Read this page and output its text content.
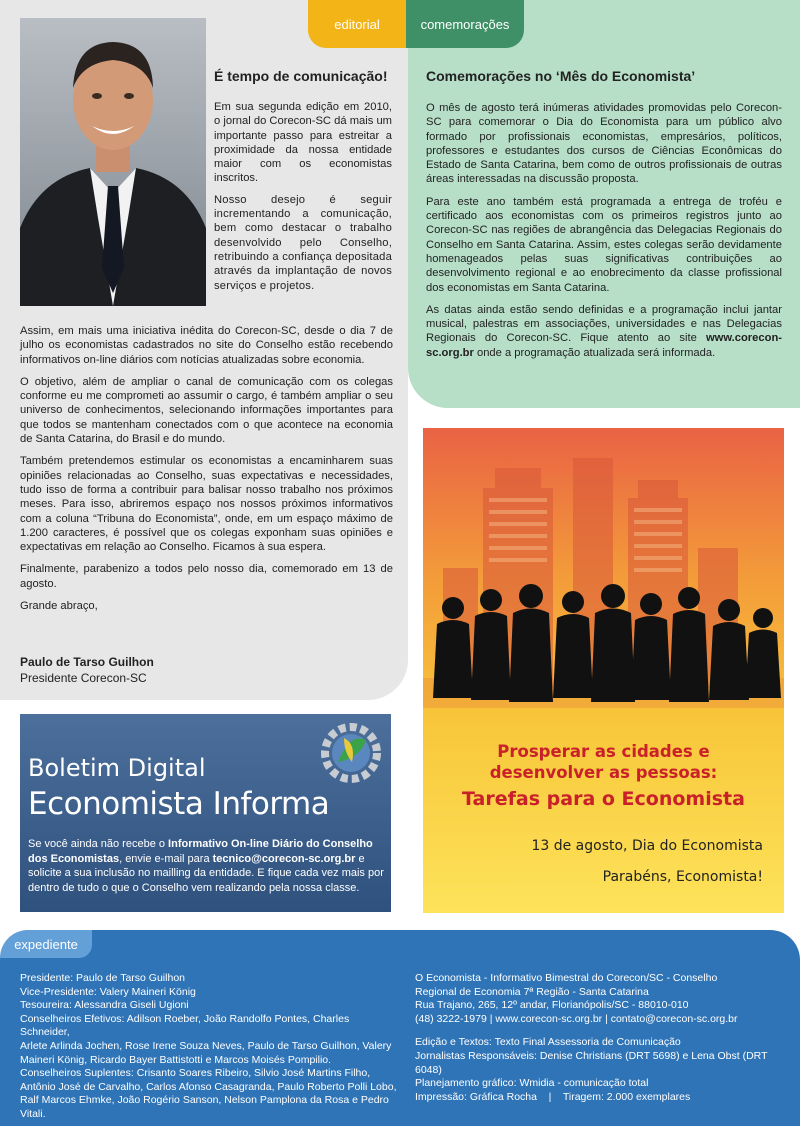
editorial	comemorações
É tempo de comunicação!

Em sua segunda edição em 2010, o jornal do Corecon-SC dá mais um importante passo para estreitar a proximidade da nossa entidade maior com os economistas inscritos.

Nosso desejo é seguir incrementando a comunicação, bem como destacar o trabalho desenvolvido pelo Conselho, retribuindo a confiança depositada através da implantação de novos serviços e projetos.

Assim, em mais uma iniciativa inédita do Corecon-SC, desde o dia 7 de julho os economistas cadastrados no site do Conselho estão recebendo informativos on-line diários com notícias atualizadas sobre economia.

O objetivo, além de ampliar o canal de comunicação com os colegas conforme eu me comprometi ao assumir o cargo, é também ampliar o seu universo de conhecimentos, selecionando informações importantes para que todos se mantenham conectados com o que acontece na economia de Santa Catarina, do Brasil e do mundo.

Também pretendemos estimular os economistas a encaminharem suas opiniões relacionadas ao Conselho, suas expectativas e necessidades, tudo isso de forma a contribuir para balisar nosso trabalho nos próximos meses. Para isso, abriremos espaço nos nossos próximos informativos com a coluna “Tribuna do Economista”, onde, em um espaço máximo de 1.200 caracteres, é possível que os colegas exponham suas opiniões e expectativas em relação ao Conselho. Ficamos à sua espera.

Finalmente, parabenizo a todos pelo nosso dia, comemorado em 13 de agosto.

Grande abraço,

Paulo de Tarso Guilhon
Presidente Corecon-SC
Comemorações no ‘Mês do Economista’

O mês de agosto terá inúmeras atividades promovidas pelo Corecon-SC para comemorar o Dia do Economista para um público alvo formado por profissionais economistas, empresários, políticos, professores e estudantes dos cursos de Ciências Econômicas do Estado de Santa Catarina, bem como de outros profissionais de outras áreas interessadas na discussão proposta.

Para este ano também está programada a entrega de troféu e certificado aos economistas com os primeiros registros junto ao Corecon-SC nas regiões de abrangência das Delegacias Regionais do Conselho em Santa Catarina. Assim, estes colegas serão devidamente homenageados pelas suas significativas contribuições ao desenvolvimento regional e ao enobrecimento da classe profissional dos economistas em Santa Catarina.

As datas ainda estão sendo definidas e a programação inclui jantar musical, palestras em associações, universidades e nas Delegacias Regionais do Corecon-SC. Fique atento ao site www.corecon-sc.org.br onde a programação atualizada será informada.

Prosperar as cidades e
desenvolver as pessoas:
Tarefas para o Economista
13 de agosto, Dia do Economista
Parabéns, Economista!
Boletim Digital
Economista Informa
Se você ainda não recebe o Informativo On-line Diário do Conselho dos Economistas, envie e-mail para tecnico@corecon-sc.org.br e solicite a sua inclusão no mailling da entidade. E fique cada vez mais por dentro de tudo o que o Conselho vem realizando pela nossa classe.
expediente
Presidente: Paulo de Tarso Guilhon
Vice-Presidente: Valery Maineri König
Tesoureira: Alessandra Giseli Ugioni
Conselheiros Efetivos: Adilson Roeber, João Randolfo Pontes, Charles Schneider,
Arlete Arlinda Jochen, Rose Irene Souza Neves, Paulo de Tarso Guilhon, Valery
Maineri König, Ricardo Bayer Battistotti e Marcos Moisés Pompilio.
Conselheiros Suplentes: Crisanto Soares Ribeiro, Silvio José Martins Filho,
Antônio José de Carvalho, Carlos Afonso Casagranda, Paulo Roberto Polli Lobo,
Ralf Marcos Ehmke, João Rogério Sanson, Nelson Pamplona da Rosa e Pedro Vitali.
O Economista - Informativo Bimestral do Corecon/SC - Conselho
Regional de Economia 7ª Região - Santa Catarina
Rua Trajano, 265, 12º andar, Florianópolis/SC - 88010-010
(48) 3222-1979 | www.corecon-sc.org.br | contato@corecon-sc.org.br
Edição e Textos: Texto Final Assessoria de Comunicação
Jornalistas Responsáveis: Denise Christians (DRT 5698) e Lena Obst (DRT 6048)
Planejamento gráfico: Wmidia - comunicação total
Impressão: Gráfica Rocha    |    Tiragem: 2.000 exemplares
